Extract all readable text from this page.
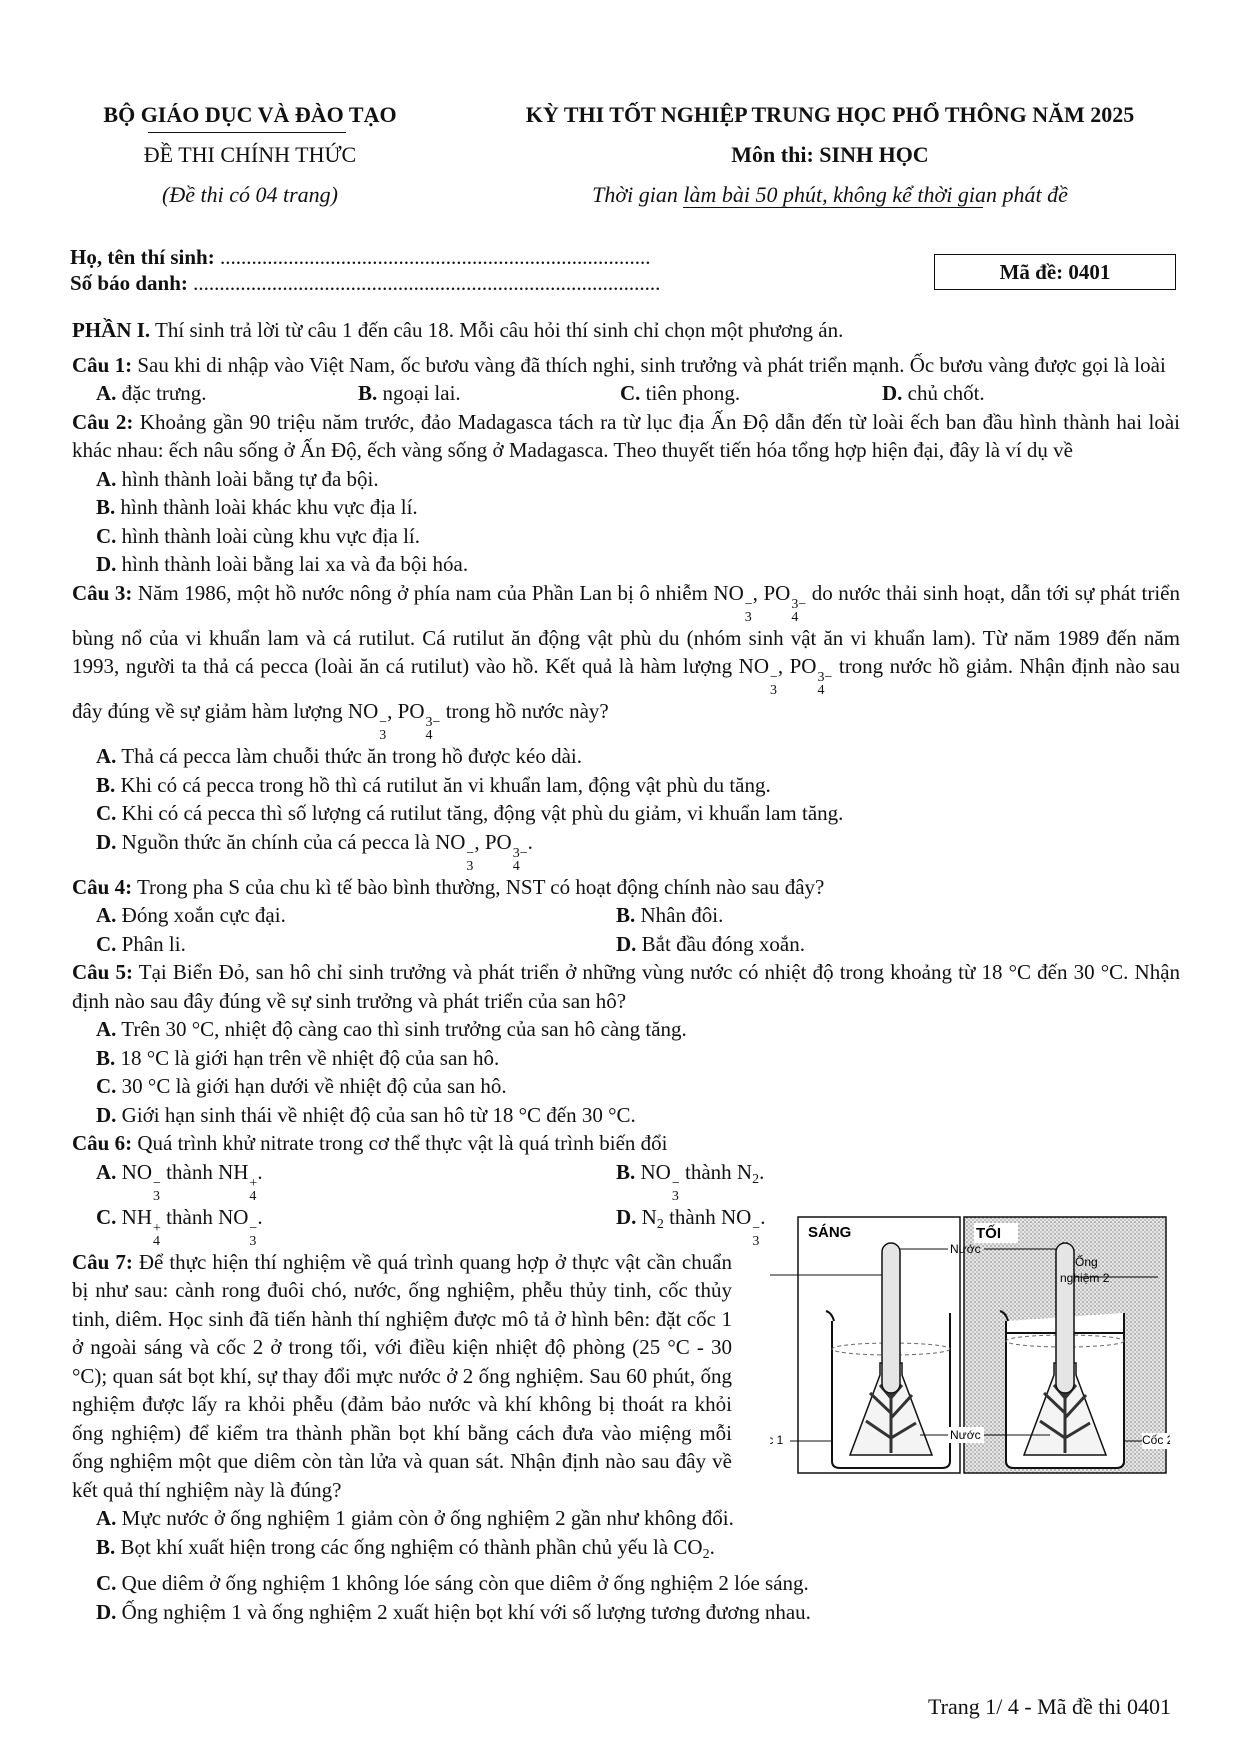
BỘ GIÁO DỤC VÀ ĐÀO TẠO
ĐỀ THI CHÍNH THỨC
(Đề thi có 04 trang)
KỲ THI TỐT NGHIỆP TRUNG HỌC PHỔ THÔNG NĂM 2025
Môn thi: SINH HỌC
Thời gian làm bài 50 phút, không kể thời gian phát đề
Họ, tên thí sinh: ..................................................................................
Số báo danh: .........................................................................................	Mã đề: 0401

PHẦN I. Thí sinh trả lời từ câu 1 đến câu 18. Mỗi câu hỏi thí sinh chỉ chọn một phương án.

Câu 1: Sau khi di nhập vào Việt Nam, ốc bươu vàng đã thích nghi, sinh trưởng và phát triển mạnh. Ốc bươu vàng được gọi là loài

A. đặc trưng.	B. ngoại lai.	C. tiên phong.	D. chủ chốt.

Câu 2: Khoảng gần 90 triệu năm trước, đảo Madagasca tách ra từ lục địa Ấn Độ dẫn đến từ loài ếch ban đầu hình thành hai loài khác nhau: ếch nâu sống ở Ấn Độ, ếch vàng sống ở Madagasca. Theo thuyết tiến hóa tổng hợp hiện đại, đây là ví dụ về

A. hình thành loài bằng tự đa bội.
B. hình thành loài khác khu vực địa lí.
C. hình thành loài cùng khu vực địa lí.
D. hình thành loài bằng lai xa và đa bội hóa.

Câu 3: Năm 1986, một hồ nước nông ở phía nam của Phần Lan bị ô nhiễm NO −
3
, PO 3−
4
do nước thải sinh hoạt, dẫn tới sự phát triển bùng nổ của vi khuẩn lam và cá rutilut. Cá rutilut ăn động vật phù du (nhóm sinh vật ăn vi khuẩn lam). Từ năm 1989 đến năm 1993, người ta thả cá pecca (loài ăn cá rutilut) vào hồ. Kết quả là hàm lượng NO −
3
, PO 3−
4
trong nước hồ giảm. Nhận định nào sau đây đúng về sự giảm hàm lượng NO −
3
, PO 3−
4
trong hồ nước này?

A. Thả cá pecca làm chuỗi thức ăn trong hồ được kéo dài.
B. Khi có cá pecca trong hồ thì cá rutilut ăn vi khuẩn lam, động vật phù du tăng.
C. Khi có cá pecca thì số lượng cá rutilut tăng, động vật phù du giảm, vi khuẩn lam tăng.
D. Nguồn thức ăn chính của cá pecca là NO −
3
, PO 3−
4
.

Câu 4: Trong pha S của chu kì tế bào bình thường, NST có hoạt động chính nào sau đây?

A. Đóng xoắn cực đại.	B. Nhân đôi.
C. Phân li.	D. Bắt đầu đóng xoắn.

Câu 5: Tại Biển Đỏ, san hô chỉ sinh trưởng và phát triển ở những vùng nước có nhiệt độ trong khoảng từ 18 °C đến 30 °C. Nhận định nào sau đây đúng về sự sinh trưởng và phát triển của san hô?

A. Trên 30 °C, nhiệt độ càng cao thì sinh trưởng của san hô càng tăng.
B. 18 °C là giới hạn trên về nhiệt độ của san hô.
C. 30 °C là giới hạn dưới về nhiệt độ của san hô.
D. Giới hạn sinh thái về nhiệt độ của san hô từ 18 °C đến 30 °C.

Câu 6: Quá trình khử nitrate trong cơ thể thực vật là quá trình biến đổi

A. NO −
3
thành NH +
4
.	B. NO −
3
thành $N_2$.
C. NH +
4
thành NO −
3
.	D. $N_2$ thành NO −
3
.

Câu 7: Để thực hiện thí nghiệm về quá trình quang hợp ở thực vật cần chuẩn bị như sau: cành rong đuôi chó, nước, ống nghiệm, phễu thủy tinh, cốc thủy tinh, diêm. Học sinh đã tiến hành thí nghiệm được mô tả ở hình bên: đặt cốc 1 ở ngoài sáng và cốc 2 ở trong tối, với điều kiện nhiệt độ phòng (25 °C - 30 °C); quan sát bọt khí, sự thay đổi mực nước ở 2 ống nghiệm. Sau 60 phút, ống nghiệm được lấy ra khỏi phễu (đảm bảo nước và khí không bị thoát ra khỏi ống nghiệm) để kiểm tra thành phần bọt khí bằng cách đưa vào miệng mỗi ống nghiệm một que diêm còn tàn lửa và quan sát. Nhận định nào sau đây về kết quả thí nghiệm này là đúng?

A. Mực nước ở ống nghiệm 1 giảm còn ở ống nghiệm 2 gần như không đổi.
B. Bọt khí xuất hiện trong các ống nghiệm có thành phần chủ yếu là $CO_2$.
C. Que diêm ở ống nghiệm 1 không lóe sáng còn que diêm ở ống nghiệm 2 lóe sáng.
D. Ống nghiệm 1 và ống nghiệm 2 xuất hiện bọt khí với số lượng tương đương nhau.
SÁNG	TỐI
Ống
nghiệm 2
Nước
Nước
c 1	Cốc
Trang 1/ 4 - Mã đề thi 0401
